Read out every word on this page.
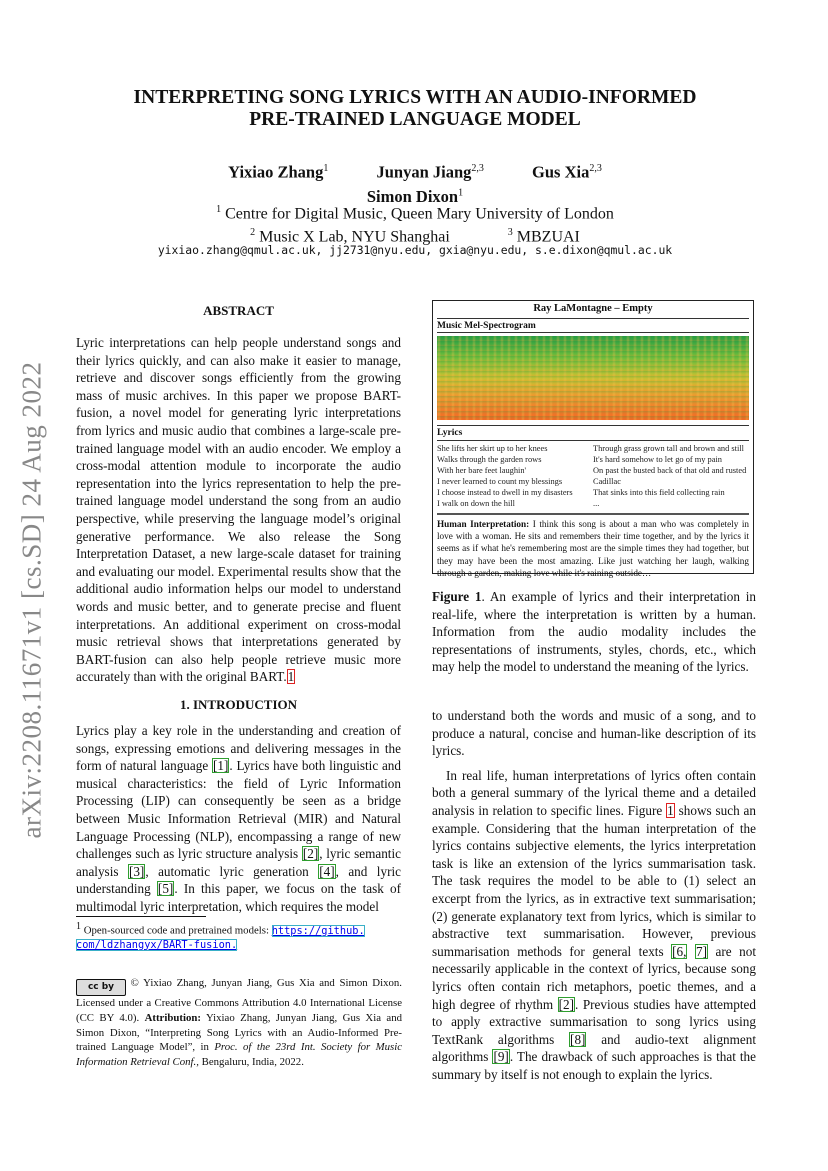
arXiv:2208.11671v1 [cs.SD] 24 Aug 2022
INTERPRETING SONG LYRICS WITH AN AUDIO-INFORMED
PRE-TRAINED LANGUAGE MODEL
Yixiao Zhang$^1$	Junyan Jiang$^{2,3}$	Gus Xia$^{2,3}$
Simon Dixon$^1$
$^1$ Centre for Digital Music, Queen Mary University of London
$^2$ Music X Lab, NYU Shanghai	$^3$ MBZUAI
yixiao.zhang@qmul.ac.uk, jj2731@nyu.edu, gxia@nyu.edu, s.e.dixon@qmul.ac.uk
ABSTRACT
Lyric interpretations can help people understand songs and their lyrics quickly, and can also make it easier to manage, retrieve and discover songs efficiently from the growing mass of music archives. In this paper we propose BART-fusion, a novel model for generating lyric interpretations from lyrics and music audio that combines a large-scale pre-trained language model with an audio encoder. We employ a cross-modal attention module to incorporate the audio representation into the lyrics representation to help the pre-trained language model understand the song from an audio perspective, while preserving the language model’s original generative performance. We also release the Song Interpretation Dataset, a new large-scale dataset for training and evaluating our model. Experimental results show that the additional audio information helps our model to understand words and music better, and to generate precise and fluent interpretations. An additional experiment on cross-modal music retrieval shows that interpretations generated by BART-fusion can also help people retrieve music more accurately than with the original BART.1
1. INTRODUCTION
Lyrics play a key role in the understanding and creation of songs, expressing emotions and delivering messages in the form of natural language [1]. Lyrics have both linguistic and musical characteristics: the field of Lyric Information Processing (LIP) can consequently be seen as a bridge between Music Information Retrieval (MIR) and Natural Language Processing (NLP), encompassing a range of new challenges such as lyric structure analysis [2], lyric semantic analysis [3], automatic lyric generation [4], and lyric understanding [5]. In this paper, we focus on the task of multimodal lyric interpretation, which requires the model
$^1$ Open-sourced code and pretrained models: https://github.
com/ldzhangyx/BART-fusion.
cc by © Yixiao Zhang, Junyan Jiang, Gus Xia and Simon Dixon. Licensed under a Creative Commons Attribution 4.0 International License (CC BY 4.0). Attribution: Yixiao Zhang, Junyan Jiang, Gus Xia and Simon Dixon, “Interpreting Song Lyrics with an Audio-Informed Pre-trained Language Model”, in Proc. of the 23rd Int. Society for Music Information Retrieval Conf., Bengaluru, India, 2022.
Ray LaMontagne – Empty
Music Mel-Spectrogram
Lyrics
She lifts her skirt up to her knees
Walks through the garden rows
With her bare feet laughin'
I never learned to count my blessings
I choose instead to dwell in my disasters
I walk on down the hill
Through grass grown tall and brown and still
It's hard somehow to let go of my pain
On past the busted back of that old and rusted
Cadillac
That sinks into this field collecting rain
...
Human Interpretation: I think this song is about a man who was completely in love with a woman. He sits and remembers their time together, and by the lyrics it seems as if what he's remembering most are the simple times they had together, but they may have been the most amazing. Like just watching her laugh, walking through a garden, making love while it's raining outside…
Figure 1. An example of lyrics and their interpretation in real-life, where the interpretation is written by a human. Information from the audio modality includes the representations of instruments, styles, chords, etc., which may help the model to understand the meaning of the lyrics.

to understand both the words and music of a song, and to produce a natural, concise and human-like description of its lyrics.

In real life, human interpretations of lyrics often contain both a general summary of the lyrical theme and a detailed analysis in relation to specific lines. Figure 1 shows such an example. Considering that the human interpretation of the lyrics contains subjective elements, the lyrics interpretation task is like an extension of the lyrics summarisation task. The task requires the model to be able to (1) select an excerpt from the lyrics, as in extractive text summarisation; (2) generate explanatory text from lyrics, which is similar to abstractive text summarisation. However, previous summarisation methods for general texts [6, 7] are not necessarily applicable in the context of lyrics, because song lyrics often contain rich metaphors, poetic themes, and a high degree of rhythm [2]. Previous studies have attempted to apply extractive summarisation to song lyrics using TextRank algorithms [8] and audio-text alignment algorithms [9]. The drawback of such approaches is that the summary by itself is not enough to explain the lyrics.
